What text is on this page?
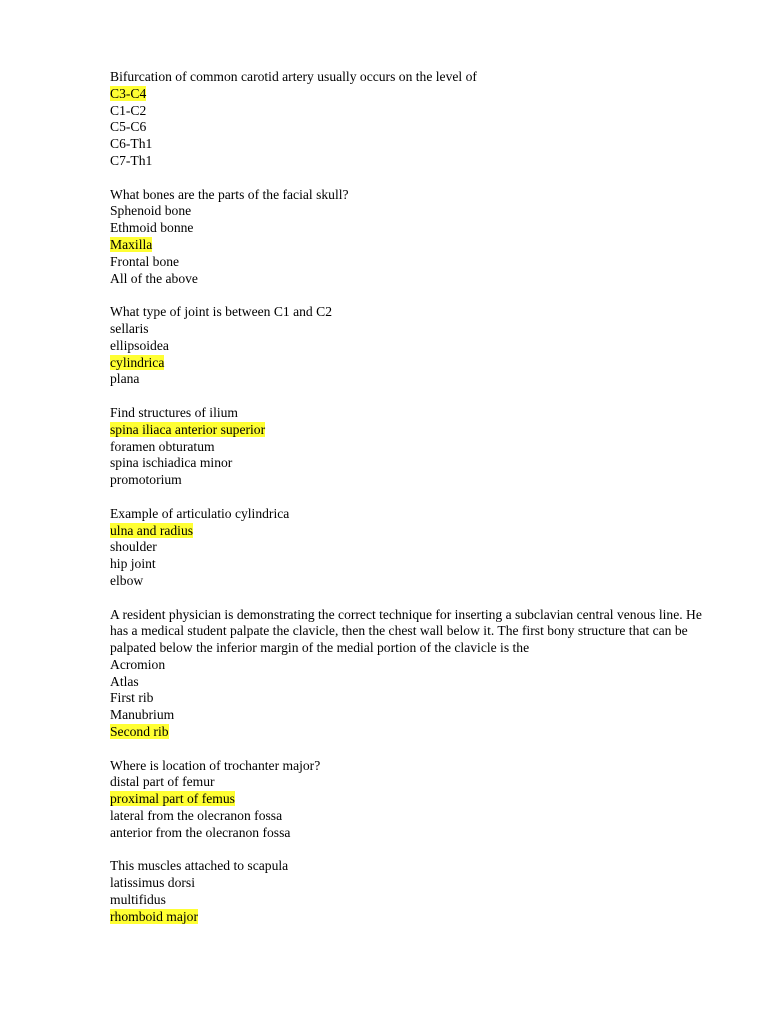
Bifurcation of common carotid artery usually occurs on the level of
C3-C4
C1-C2
C5-C6
C6-Th1
C7-Th1
What bones are the parts of the facial skull?
Sphenoid bone
Ethmoid bonne
Maxilla
Frontal bone
All of the above
What type of joint is between C1 and C2
sellaris
ellipsoidea
cylindrica
plana
Find structures of ilium
spina iliaca anterior superior
foramen obturatum
spina ischiadica minor
promotorium
Example of articulatio cylindrica
ulna and radius
shoulder
hip joint
elbow
A resident physician is demonstrating the correct technique for inserting a subclavian central venous line. He has a medical student palpate the clavicle, then the chest wall below it. The first bony structure that can be palpated below the inferior margin of the medial portion of the clavicle is the
Acromion
Atlas
First rib
Manubrium
Second rib
Where is location of trochanter major?
distal part of femur
proximal part of femus
lateral from the olecranon fossa
anterior from the olecranon fossa
This muscles attached to scapula
latissimus dorsi
multifidus
rhomboid major
